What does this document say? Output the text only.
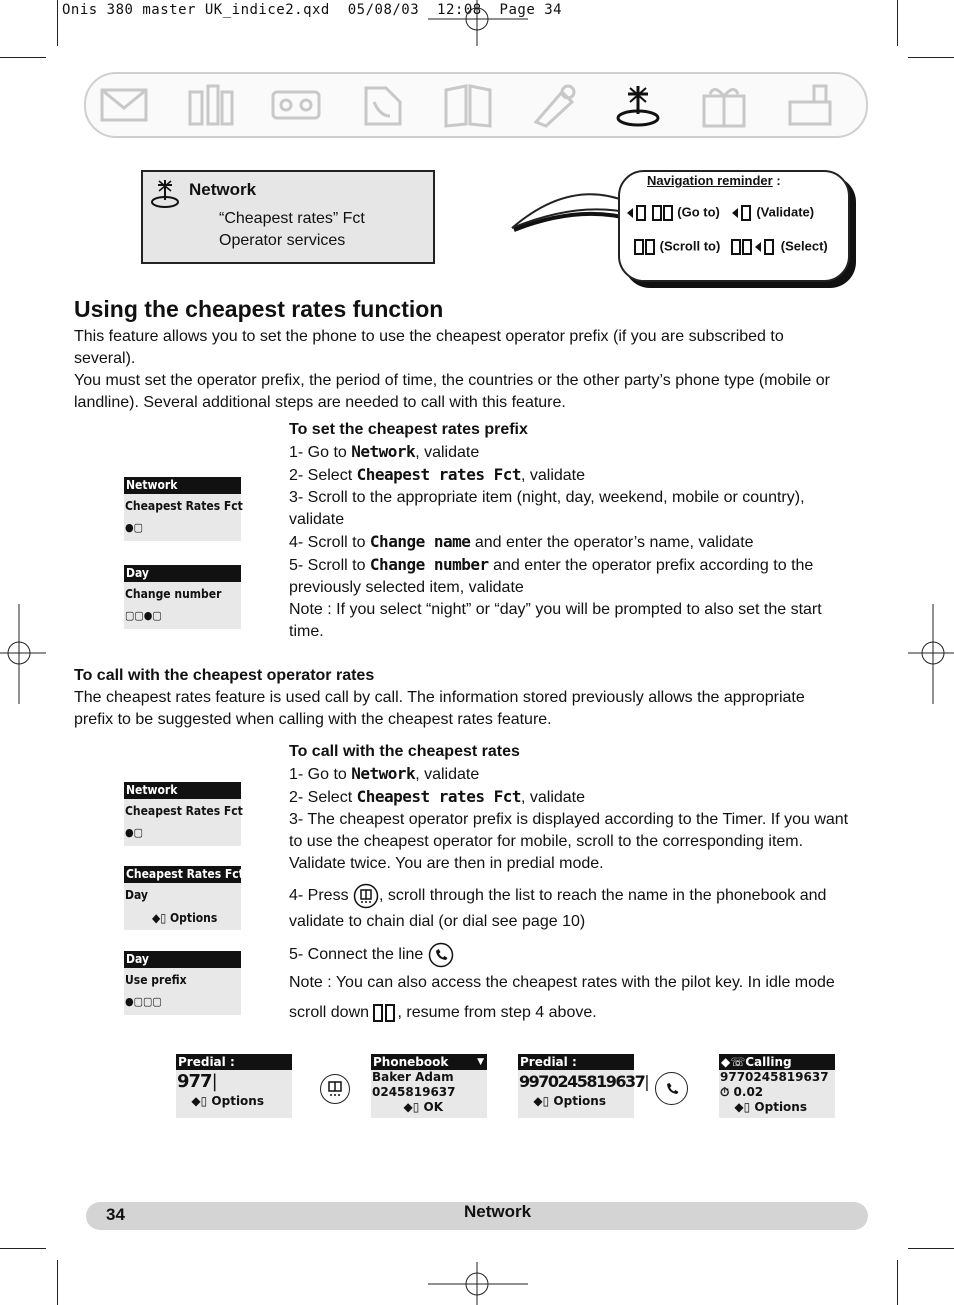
Onis 380 master UK_indice2.qxd 05/08/03 12:08 Page 34
Network
“Cheapest rates” Fct
Operator services
Navigation reminder :
(Go to)	(Validate)
(Scroll to)	(Select)
Using the cheapest rates function
This feature allows you to set the phone to use the cheapest operator prefix (if you are subscribed to several).
You must set the operator prefix, the period of time, the countries or the other party’s phone type (mobile or landline). Several additional steps are needed to call with this feature.
Network
Cheapest Rates Fct
●▢
Day
Change number
▢▢●▢
To set the cheapest rates prefix
1- Go to Network, validate
2- Select Cheapest rates Fct, validate
3- Scroll to the appropriate item (night, day, weekend, mobile or country), validate
4- Scroll to Change name and enter the operator’s name, validate
5- Scroll to Change number and enter the operator prefix according to the previously selected item, validate
Note : If you select “night” or “day” you will be prompted to also set the start time.
To call with the cheapest operator rates
The cheapest rates feature is used call by call. The information stored previously allows the appropriate prefix to be suggested when calling with the cheapest rates feature.
Network
Cheapest Rates Fct
●▢
Cheapest Rates Fct ▼
Day
◆▯ Options
Day
Use prefix
●▢▢▢
To call with the cheapest rates
1- Go to Network, validate
2- Select Cheapest rates Fct, validate
3- The cheapest operator prefix is displayed according to the Timer. If you want to use the cheapest operator for mobile, scroll to the corresponding item. Validate twice. You are then in predial mode.
4- Press , scroll through the list to reach the name in the phonebook and validate to chain dial (or dial see page 10)
5- Connect the line
Note : You can also access the cheapest rates with the pilot key. In idle mode scroll down , resume from step 4 above.
Predial :
977|
◆▯ Options
Phonebook	▼
Baker Adam
0245819637
◆▯ OK
Predial :
9970245819637|
◆▯ Options
◆☏Calling
9770245819637
⏱ 0.02
◆▯ Options
34	Network
